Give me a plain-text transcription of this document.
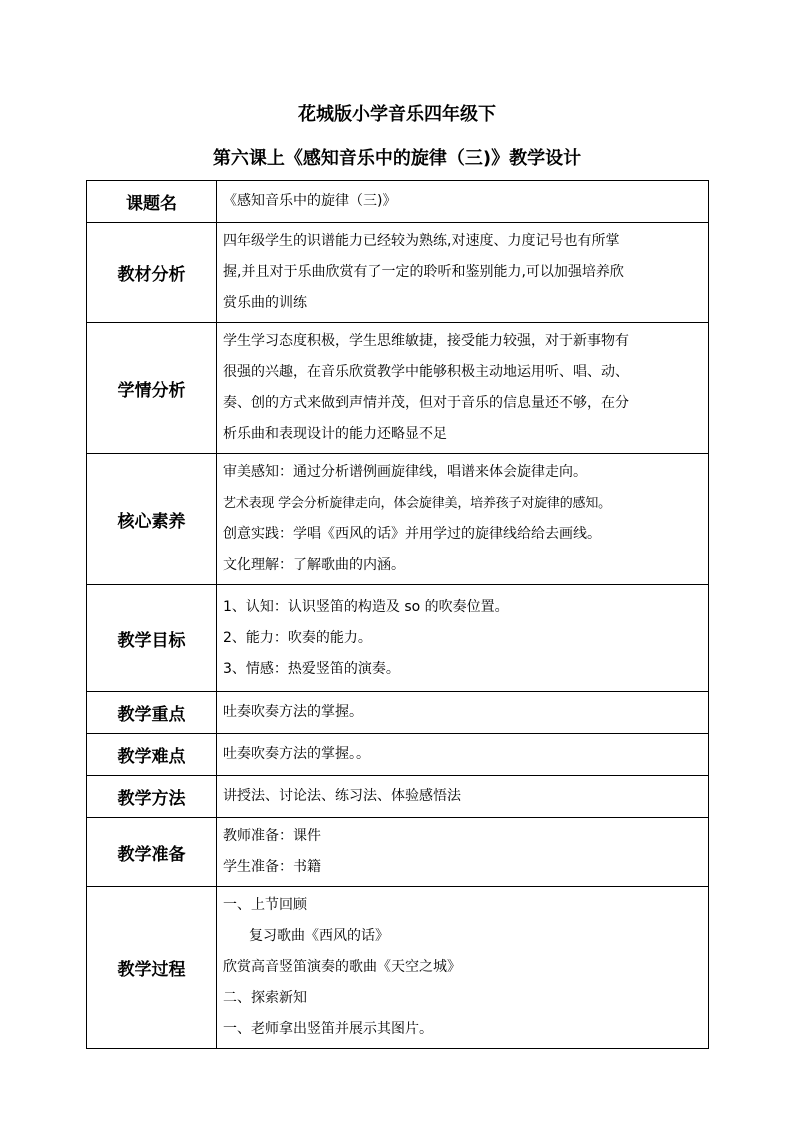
花城版小学音乐四年级下
第六课上《感知音乐中的旋律（三)》教学设计
课题名	《感知音乐中的旋律（三)》

教材分析	四年级学生的识谱能力已经较为熟练,对速度、力度记号也有所掌
握,并且对于乐曲欣赏有了一定的聆听和鉴别能力,可以加强培养欣
赏乐曲的训练

学情分析	学生学习态度积极，学生思维敏捷，接受能力较强，对于新事物有
很强的兴趣，在音乐欣赏教学中能够积极主动地运用听、唱、动、
奏、创的方式来做到声情并茂，但对于音乐的信息量还不够，在分
析乐曲和表现设计的能力还略显不足

核心素养	审美感知：通过分析谱例画旋律线，唱谱来体会旋律走向。
艺术表现 学会分析旋律走向，体会旋律美，培养孩子对旋律的感知。
创意实践：学唱《西风的话》并用学过的旋律线给给去画线。
文化理解：了解歌曲的内涵。

教学目标	1、认知：认识竖笛的构造及 so 的吹奏位置。
2、能力：吹奏的能力。
3、情感：热爱竖笛的演奏。

教学重点	吐奏吹奏方法的掌握。

教学难点	吐奏吹奏方法的掌握。。

教学方法	讲授法、讨论法、练习法、体验感悟法

教学准备	教师准备：课件
学生准备：书籍

教学过程	一、上节回顾
复习歌曲《西风的话》
欣赏高音竖笛演奏的歌曲《天空之城》
二、探索新知
一、老师拿出竖笛并展示其图片。
